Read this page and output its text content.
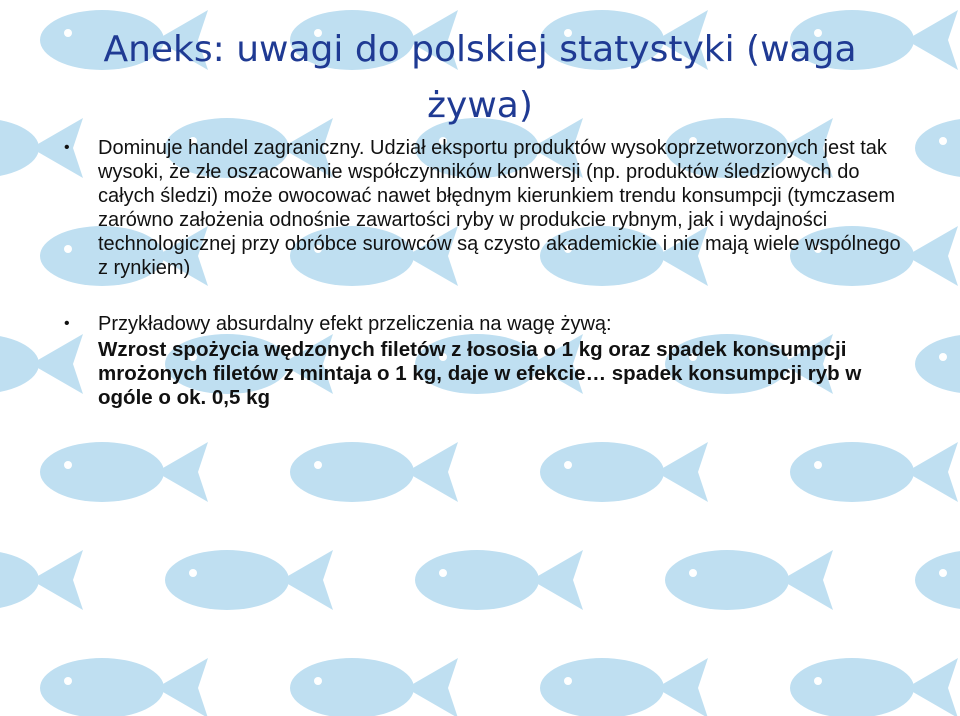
Aneks: uwagi do polskiej statystyki (waga żywa)
• Dominuje handel zagraniczny. Udział eksportu produktów wysokoprzetworzonych jest tak wysoki, że złe oszacowanie współczynników konwersji (np. produktów śledziowych do całych śledzi) może owocować nawet błędnym kierunkiem trendu konsumpcji (tymczasem zarówno założenia odnośnie zawartości ryby w produkcie rybnym, jak i wydajności technologicznej przy obróbce surowców są czysto akademickie i nie mają wiele wspólnego z rynkiem)
• Przykładowy absurdalny efekt przeliczenia na wagę żywą:
Wzrost spożycia wędzonych filetów z łososia o 1 kg oraz spadek konsumpcji mrożonych filetów z mintaja o 1 kg, daje w efekcie… spadek konsumpcji ryb w ogóle o ok. 0,5 kg
